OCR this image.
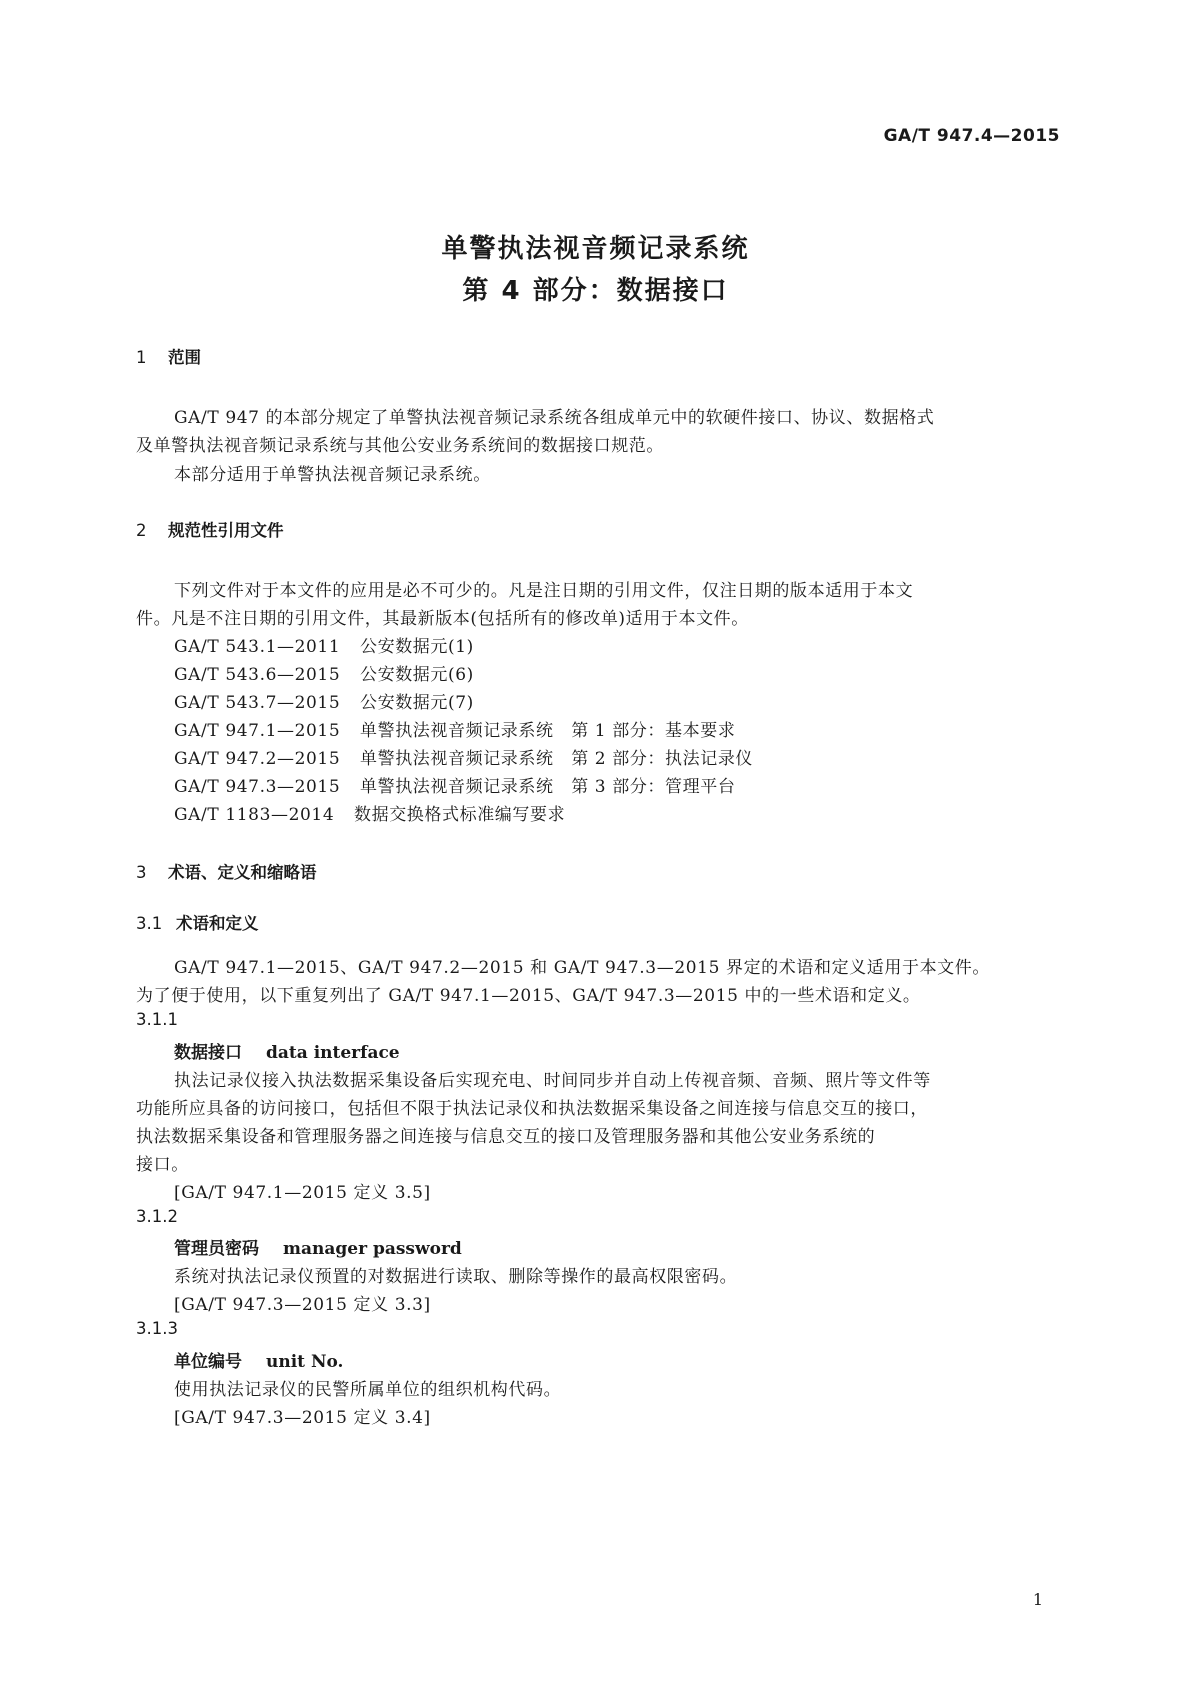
GA/T 947.4—2015
单警执法视音频记录系统
第 4 部分：数据接口
1 范围
GA/T 947 的本部分规定了单警执法视音频记录系统各组成单元中的软硬件接口、协议、数据格式
及单警执法视音频记录系统与其他公安业务系统间的数据接口规范。
本部分适用于单警执法视音频记录系统。
2 规范性引用文件
下列文件对于本文件的应用是必不可少的。凡是注日期的引用文件，仅注日期的版本适用于本文
件。凡是不注日期的引用文件，其最新版本(包括所有的修改单)适用于本文件。
GA/T 543.1—2011 公安数据元(1)
GA/T 543.6—2015 公安数据元(6)
GA/T 543.7—2015 公安数据元(7)
GA/T 947.1—2015 单警执法视音频记录系统　第 1 部分：基本要求
GA/T 947.2—2015 单警执法视音频记录系统　第 2 部分：执法记录仪
GA/T 947.3—2015 单警执法视音频记录系统　第 3 部分：管理平台
GA/T 1183—2014 数据交换格式标准编写要求
3 术语、定义和缩略语
3.1 术语和定义
GA/T 947.1—2015、GA/T 947.2—2015 和 GA/T 947.3—2015 界定的术语和定义适用于本文件。
为了便于使用，以下重复列出了 GA/T 947.1—2015、GA/T 947.3—2015 中的一些术语和定义。
3.1.1
数据接口 data interface
执法记录仪接入执法数据采集设备后实现充电、时间同步并自动上传视音频、音频、照片等文件等
功能所应具备的访问接口，包括但不限于执法记录仪和执法数据采集设备之间连接与信息交互的接口，
执法数据采集设备和管理服务器之间连接与信息交互的接口及管理服务器和其他公安业务系统的
接口。
[GA/T 947.1—2015 定义 3.5]
3.1.2
管理员密码 manager password
系统对执法记录仪预置的对数据进行读取、删除等操作的最高权限密码。
[GA/T 947.3—2015 定义 3.3]
3.1.3
单位编号 unit No.
使用执法记录仪的民警所属单位的组织机构代码。
[GA/T 947.3—2015 定义 3.4]
1
